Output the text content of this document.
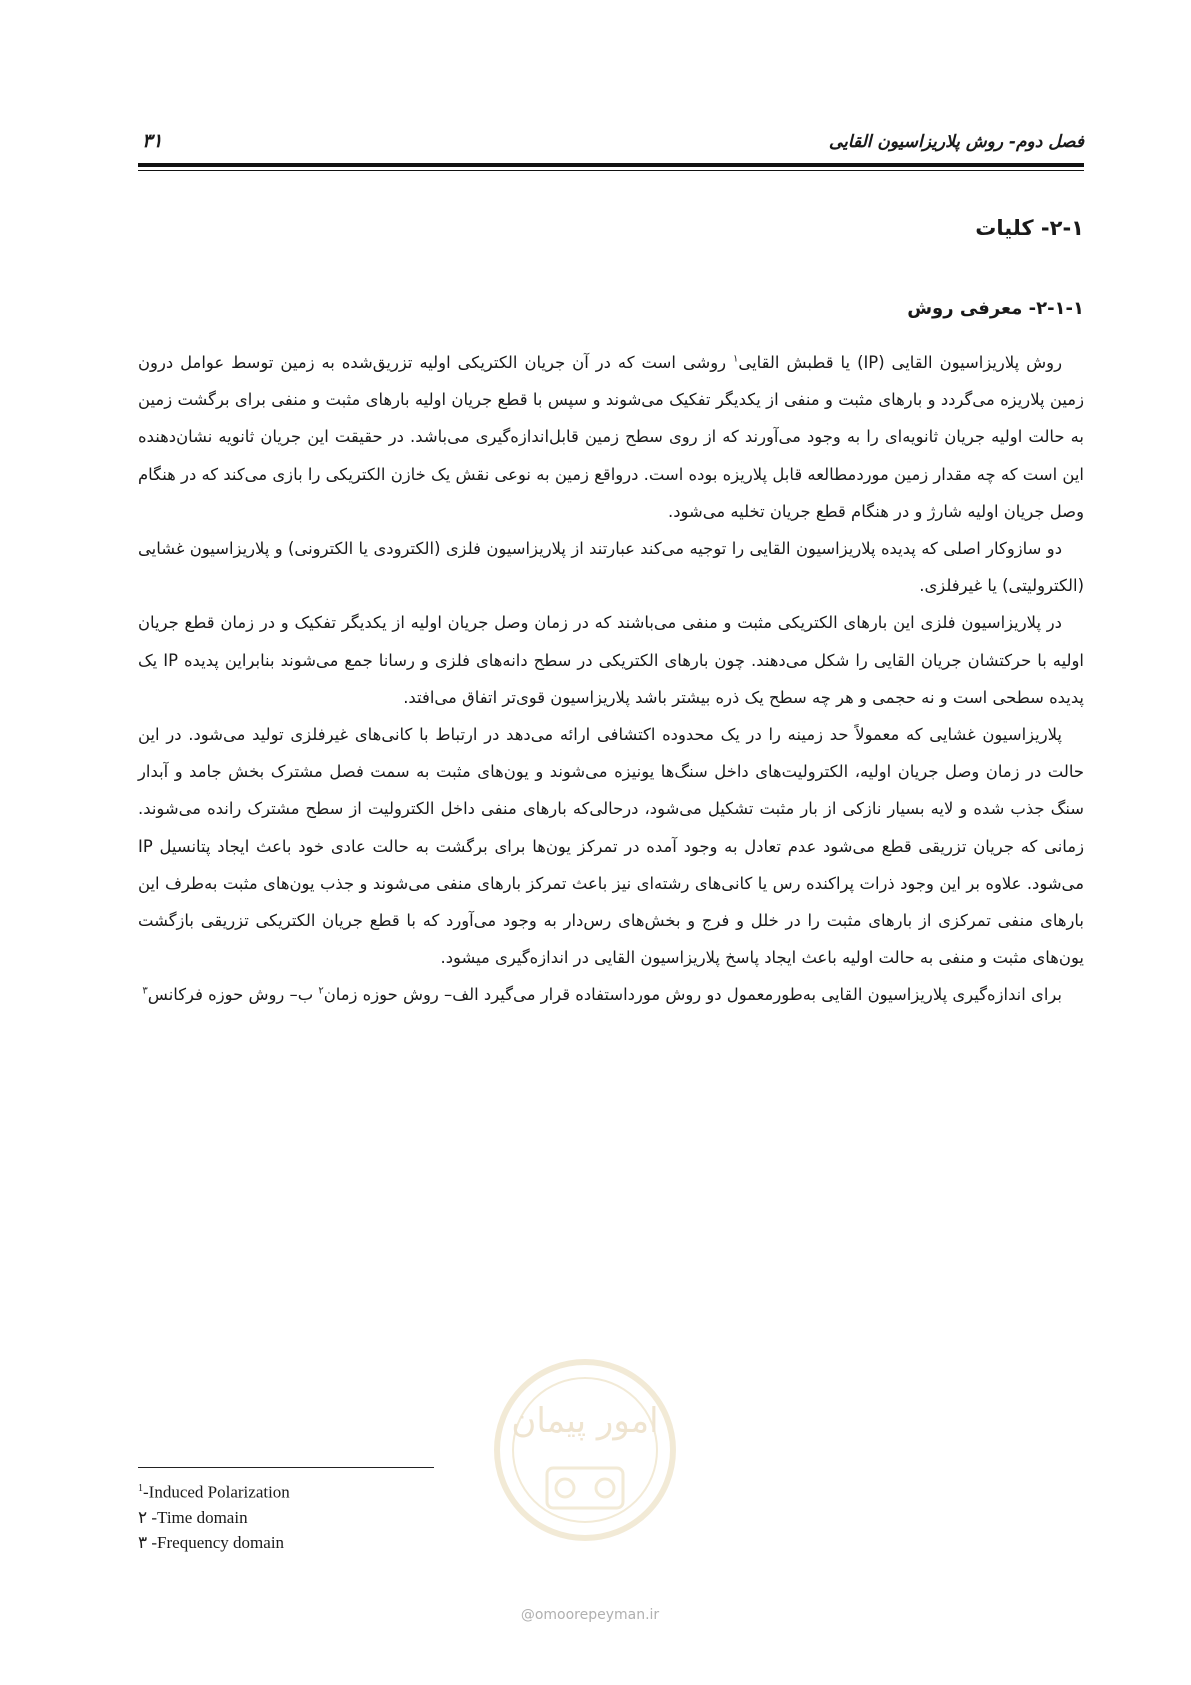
فصل دوم- روش پلاریزاسیون القایی
۳۱
۲-۱- کلیات
۲-۱-۱- معرفی روش

روش پلاریزاسیون القایی (IP) یا قطبش القایی$^۱$ روشی است که در آن جریان الکتریکی اولیه تزریق‌شده به زمین توسط عوامل درون زمین پلاریزه می‌گردد و بارهای مثبت و منفی از یکدیگر تفکیک می‌شوند و سپس با قطع جریان اولیه بارهای مثبت و منفی برای برگشت زمین به حالت اولیه جریان ثانویه‌ای را به وجود می‌آورند که از روی سطح زمین قابل‌اندازه‌گیری می‌باشد. در حقیقت این جریان ثانویه نشان‌دهنده این است که چه مقدار زمین موردمطالعه قابل پلاریزه بوده است. درواقع زمین به نوعی نقش یک خازن الکتریکی را بازی می‌کند که در هنگام وصل جریان اولیه شارژ و در هنگام قطع جریان تخلیه می‌شود.

دو سازوکار اصلی که پدیده پلاریزاسیون القایی را توجیه می‌کند عبارتند از پلاریزاسیون فلزی (الکترودی یا الکترونی) و پلاریزاسیون غشایی (الکترولیتی) یا غیرفلزی.

در پلاریزاسیون فلزی این بارهای الکتریکی مثبت و منفی می‌باشند که در زمان وصل جریان اولیه از یکدیگر تفکیک و در زمان قطع جریان اولیه با حرکتشان جریان القایی را شکل می‌دهند. چون بارهای الکتریکی در سطح دانه‌های فلزی و رسانا جمع می‌شوند بنابراین پدیده IP یک پدیده سطحی است و نه حجمی و هر چه سطح یک ذره بیشتر باشد پلاریزاسیون قوی‌تر اتفاق می‌افتد.

پلاریزاسیون غشایی که معمولاً حد زمینه را در یک محدوده اکتشافی ارائه می‌دهد در ارتباط با کانی‌های غیرفلزی تولید می‌شود. در این حالت در زمان وصل جریان اولیه، الکترولیت‌های داخل سنگ‌ها یونیزه می‌شوند و یون‌های مثبت به سمت فصل مشترک بخش جامد و آبدار سنگ جذب شده و لایه بسیار نازکی از بار مثبت تشکیل می‌شود، درحالی‌که بارهای منفی داخل الکترولیت از سطح مشترک رانده می‌شوند. زمانی که جریان تزریقی قطع می‌شود عدم تعادل به وجود آمده در تمرکز یون‌ها برای برگشت به حالت عادی خود باعث ایجاد پتانسیل IP می‌شود. علاوه بر این وجود ذرات پراکنده رس یا کانی‌های رشته‌ای نیز باعث تمرکز بارهای منفی می‌شوند و جذب یون‌های مثبت به‌طرف این بارهای منفی تمرکزی از بارهای مثبت را در خلل و فرج و بخش‌های رس‌دار به وجود می‌آورد که با قطع جریان الکتریکی تزریقی بازگشت یون‌های مثبت و منفی به حالت اولیه باعث ایجاد پاسخ پلاریزاسیون القایی در اندازه‌گیری میشود.

برای اندازه‌گیری پلاریزاسیون القایی به‌طورمعمول دو روش مورداستفاده قرار می‌گیرد الف– روش حوزه زمان$^۲$ ب– روش حوزه فرکانس$^۳$

امور پیمان
@omoorepeyman.ir
$^1$-Induced Polarization
۲ -Time domain
۳ -Frequency domain
